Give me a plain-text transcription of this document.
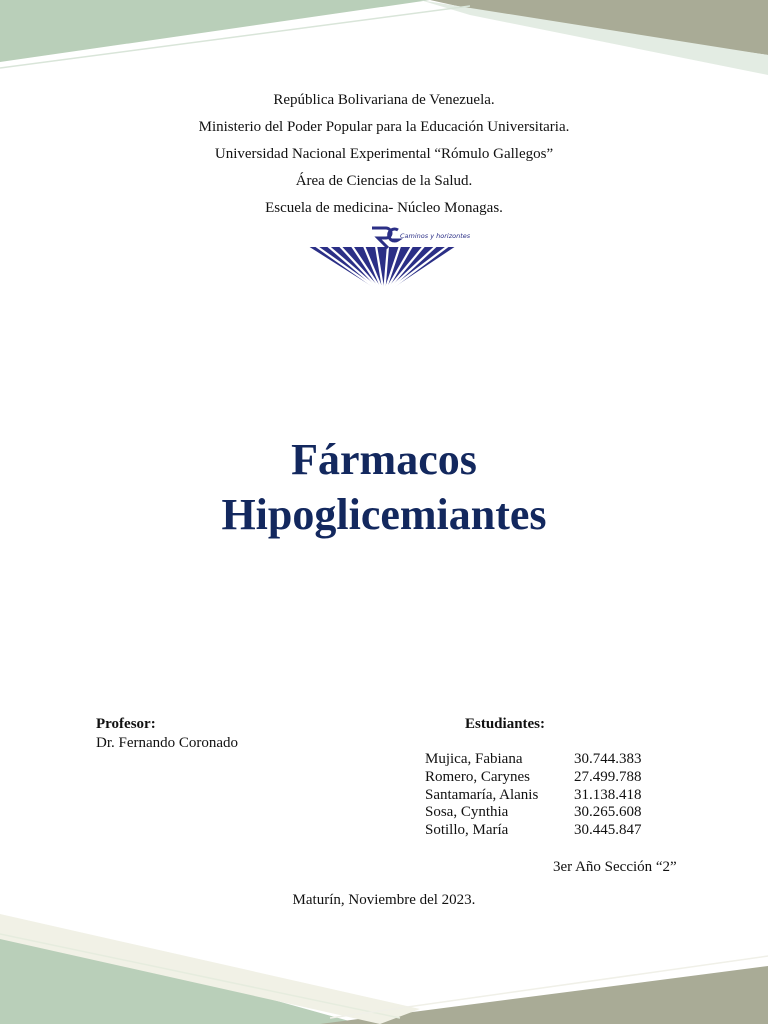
República Bolivariana de Venezuela.
Ministerio del Poder Popular para la Educación Universitaria.
Universidad Nacional Experimental “Rómulo Gallegos”
Área de Ciencias de la Salud.
Escuela de medicina- Núcleo Monagas.
Caminos y horizontes
Fármacos
Hipoglicemiantes
Profesor:
Dr. Fernando Coronado
Estudiantes:
Mujica, Fabiana	30.744.383
Romero, Carynes	27.499.788
Santamaría, Alanis	31.138.418
Sosa, Cynthia	30.265.608
Sotillo, María	30.445.847
3er Año Sección “2”
Maturín, Noviembre del 2023.
